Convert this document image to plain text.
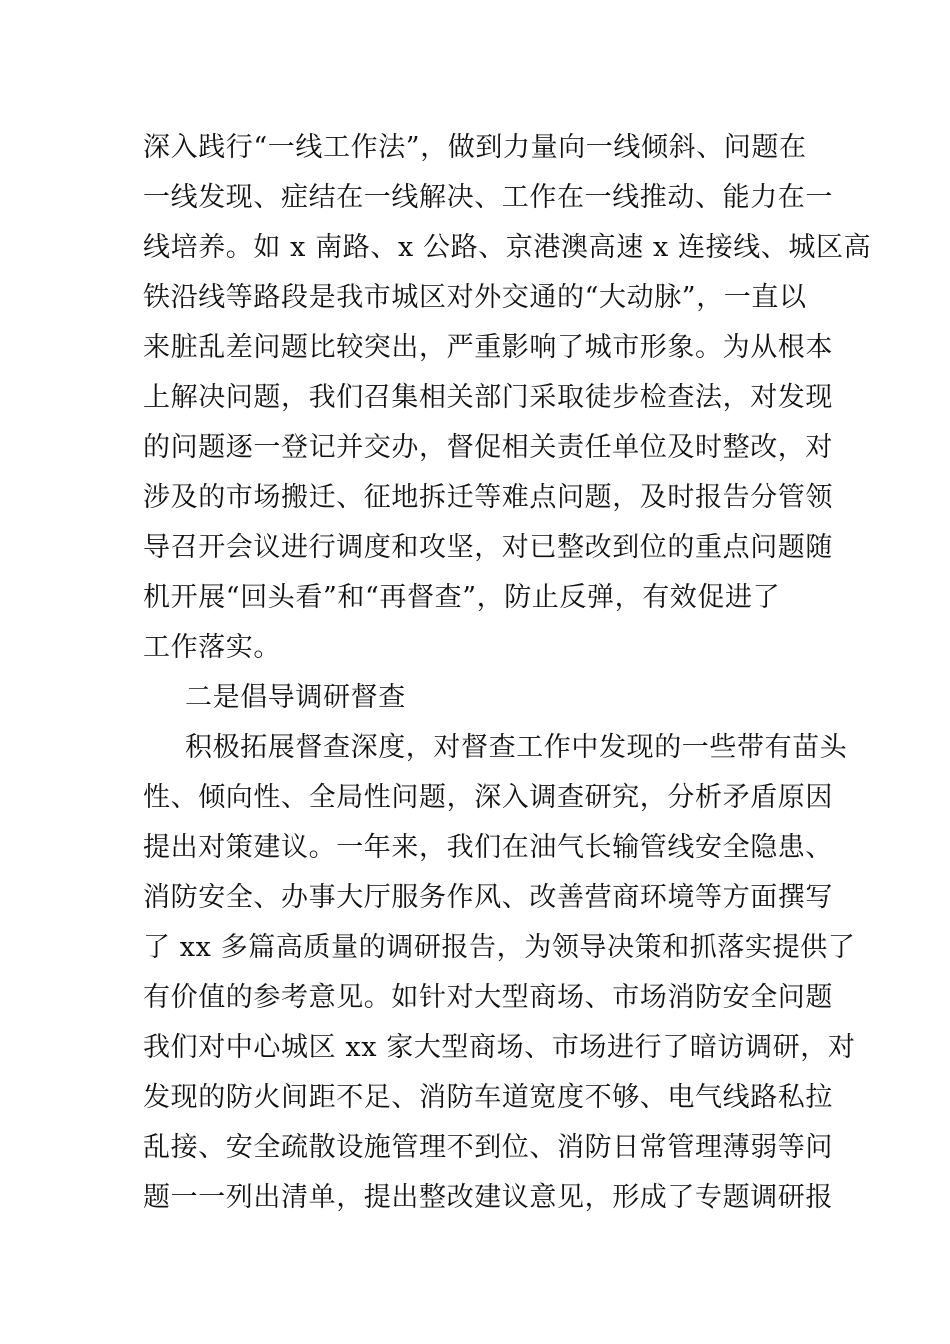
深入践行“一线工作法”，做到力量向一线倾斜、问题在
一线发现、症结在一线解决、工作在一线推动、能力在一
线培养。如 x 南路、x 公路、京港澳高速 x 连接线、城区高
铁沿线等路段是我市城区对外交通的“大动脉”，一直以
来脏乱差问题比较突出，严重影响了城市形象。为从根本
上解决问题，我们召集相关部门采取徒步检查法，对发现
的问题逐一登记并交办，督促相关责任单位及时整改，对
涉及的市场搬迁、征地拆迁等难点问题，及时报告分管领
导召开会议进行调度和攻坚，对已整改到位的重点问题随
机开展“回头看”和“再督查”，防止反弹，有效促进了
工作落实。
二是倡导调研督查
积极拓展督查深度，对督查工作中发现的一些带有苗头
性、倾向性、全局性问题，深入调查研究，分析矛盾原因
提出对策建议。一年来，我们在油气长输管线安全隐患、
消防安全、办事大厅服务作风、改善营商环境等方面撰写
了 xx 多篇高质量的调研报告，为领导决策和抓落实提供了
有价值的参考意见。如针对大型商场、市场消防安全问题
我们对中心城区 xx 家大型商场、市场进行了暗访调研，对
发现的防火间距不足、消防车道宽度不够、电气线路私拉
乱接、安全疏散设施管理不到位、消防日常管理薄弱等问
题一一列出清单，提出整改建议意见，形成了专题调研报
